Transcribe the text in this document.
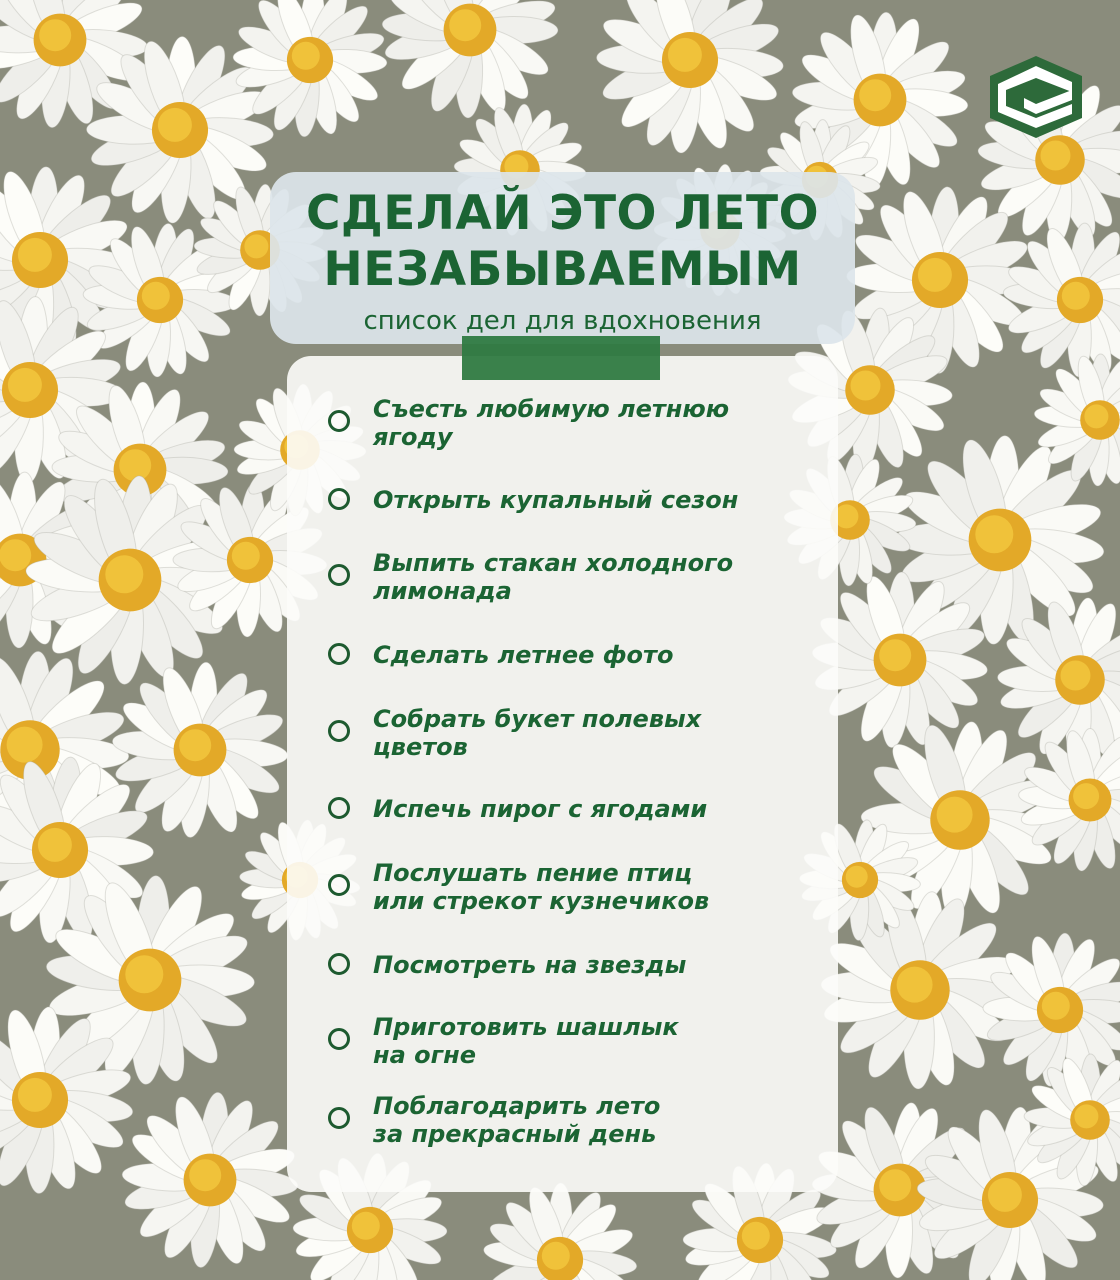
СДЕЛАЙ ЭТО ЛЕТО
НЕЗАБЫВАЕМЫМ
список дел для вдохновения
Съесть любимую летнюю
ягоду
Открыть купальный сезон
Выпить стакан холодного
лимонада
Сделать летнее фото
Собрать букет полевых
цветов
Испечь пирог с ягодами
Послушать пение птиц
или стрекот кузнечиков
Посмотреть на звезды
Приготовить шашлык
на огне
Поблагодарить лето
за прекрасный день
